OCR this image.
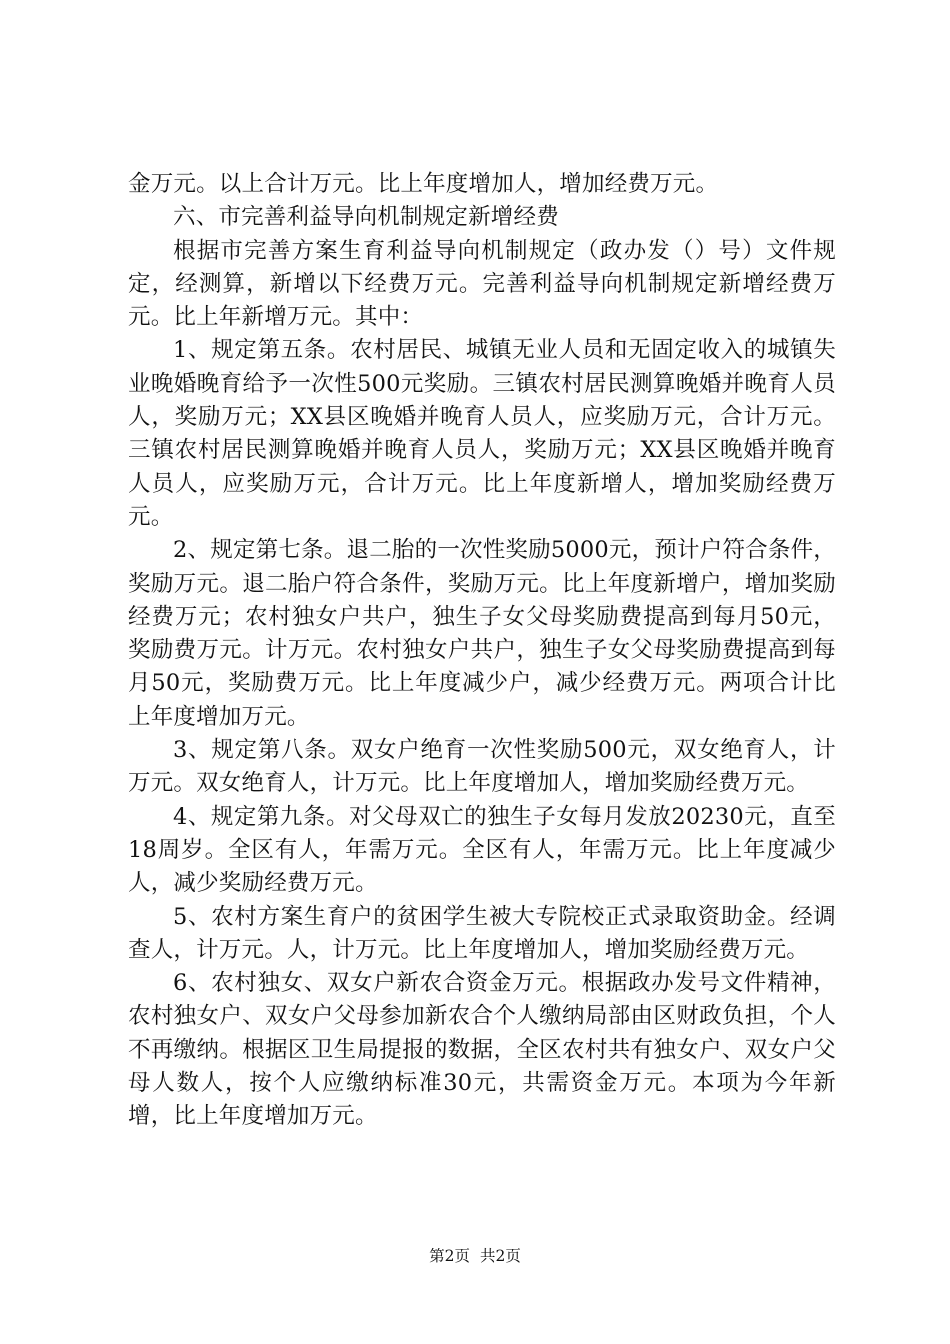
金万元。以上合计万元。比上年度增加人，增加经费万元。

六、市完善利益导向机制规定新增经费

根据市完善方案生育利益导向机制规定（政办发（）号）文件规定，经测算，新增以下经费万元。完善利益导向机制规定新增经费万元。比上年新增万元。其中：

1、规定第五条。农村居民、城镇无业人员和无固定收入的城镇失业晚婚晚育给予一次性500元奖励。三镇农村居民测算晚婚并晚育人员人，奖励万元；XX县区晚婚并晚育人员人，应奖励万元，合计万元。三镇农村居民测算晚婚并晚育人员人，奖励万元；XX县区晚婚并晚育人员人，应奖励万元，合计万元。比上年度新增人，增加奖励经费万元。

2、规定第七条。退二胎的一次性奖励5000元，预计户符合条件，奖励万元。退二胎户符合条件，奖励万元。比上年度新增户，增加奖励经费万元；农村独女户共户，独生子女父母奖励费提高到每月50元，奖励费万元。计万元。农村独女户共户，独生子女父母奖励费提高到每月50元，奖励费万元。比上年度减少户，减少经费万元。两项合计比上年度增加万元。

3、规定第八条。双女户绝育一次性奖励500元，双女绝育人，计万元。双女绝育人，计万元。比上年度增加人，增加奖励经费万元。

4、规定第九条。对父母双亡的独生子女每月发放20230元，直至18周岁。全区有人，年需万元。全区有人，年需万元。比上年度减少人，减少奖励经费万元。

5、农村方案生育户的贫困学生被大专院校正式录取资助金。经调查人，计万元。人，计万元。比上年度增加人，增加奖励经费万元。

6、农村独女、双女户新农合资金万元。根据政办发号文件精神，农村独女户、双女户父母参加新农合个人缴纳局部由区财政负担，个人不再缴纳。根据区卫生局提报的数据，全区农村共有独女户、双女户父母人数人，按个人应缴纳标准30元，共需资金万元。本项为今年新增，比上年度增加万元。

第2页 共2页
